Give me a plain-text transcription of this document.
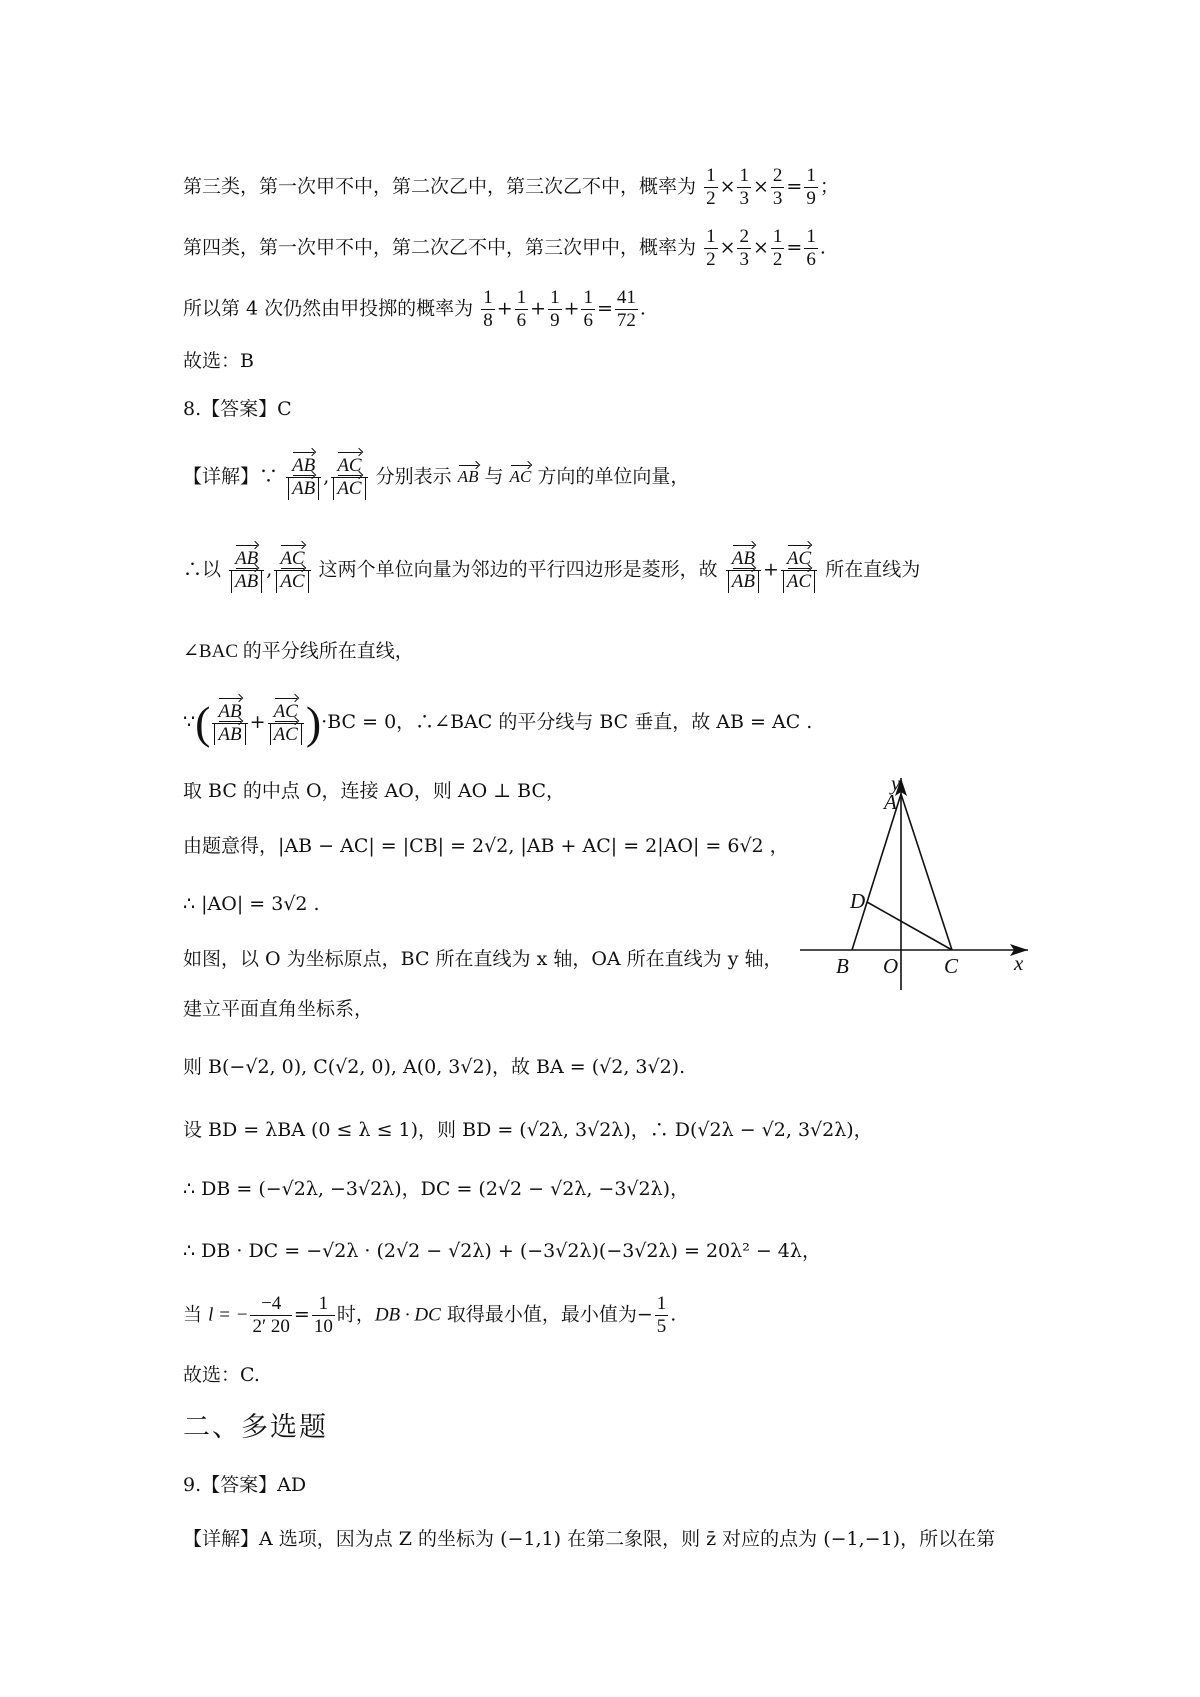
第三类，第一次甲不中，第二次乙中，第三次乙不中，概率为 $\frac{1}{2} \times \frac{1}{3} \times \frac{2}{3} = \frac{1}{9}$ ；
第四类，第一次甲不中，第二次乙不中，第三次甲中，概率为 $\frac{1}{2} \times \frac{2}{3} \times \frac{1}{2} = \frac{1}{6}$ .
所以第 4 次仍然由甲投掷的概率为 $\frac{1}{8} + \frac{1}{6} + \frac{1}{9} + \frac{1}{6} = \frac{41}{72}$ .
故选：B
8.【答案】C
【详解】∵ $\frac{AB}{AB}$ , $\frac{AC}{AC}$ 分别表示 AB 与 AC 方向的单位向量，
∴以 $\frac{AB}{AB}$ , $\frac{AC}{AC}$ 这两个单位向量为邻边的平行四边形是菱形，故 $\frac{AB}{AB} + \frac{AC}{AC}$ 所在直线为
∠BAC 的平分线所在直线，
∵( $\frac{AB}{AB} + \frac{AC}{AC} )\cdot BC = 0$，∴∠BAC 的平分线与 BC 垂直，故 AB = AC .
取 BC 的中点 O，连接 AO，则 AO ⊥ BC，
由题意得，|AB − AC| = |CB| = 2√2, |AB + AC| = 2|AO| = 6√2 ，
∴ |AO| = 3√2 .
如图，以 O 为坐标原点，BC 所在直线为 x 轴，OA 所在直线为 y 轴，
建立平面直角坐标系，
则 B(−√2, 0), C(√2, 0), A(0, 3√2)，故 BA = (√2, 3√2).
设 BD = λBA (0 ≤ λ ≤ 1)，则 BD = (√2λ, 3√2λ)，∴ D(√2λ − √2, 3√2λ)，
∴ DB = (−√2λ, −3√2λ)，DC = (2√2 − √2λ, −3√2λ)，
∴ DB · DC = −√2λ · (2√2 − √2λ) + (−3√2λ)(−3√2λ) = 20λ² − 4λ，
当 l = − $\frac{-4}{2' 20} = \frac{1}{10}$ 时，DB · DC 取得最小值，最小值为− $\frac{1}{5}$ .
故选：C.
二、多选题
9.【答案】AD
【详解】A 选项，因为点 Z 的坐标为 (−1,1) 在第二象限，则 z̄ 对应的点为 (−1,−1)，所以在第
y
A
D
B O C	x
